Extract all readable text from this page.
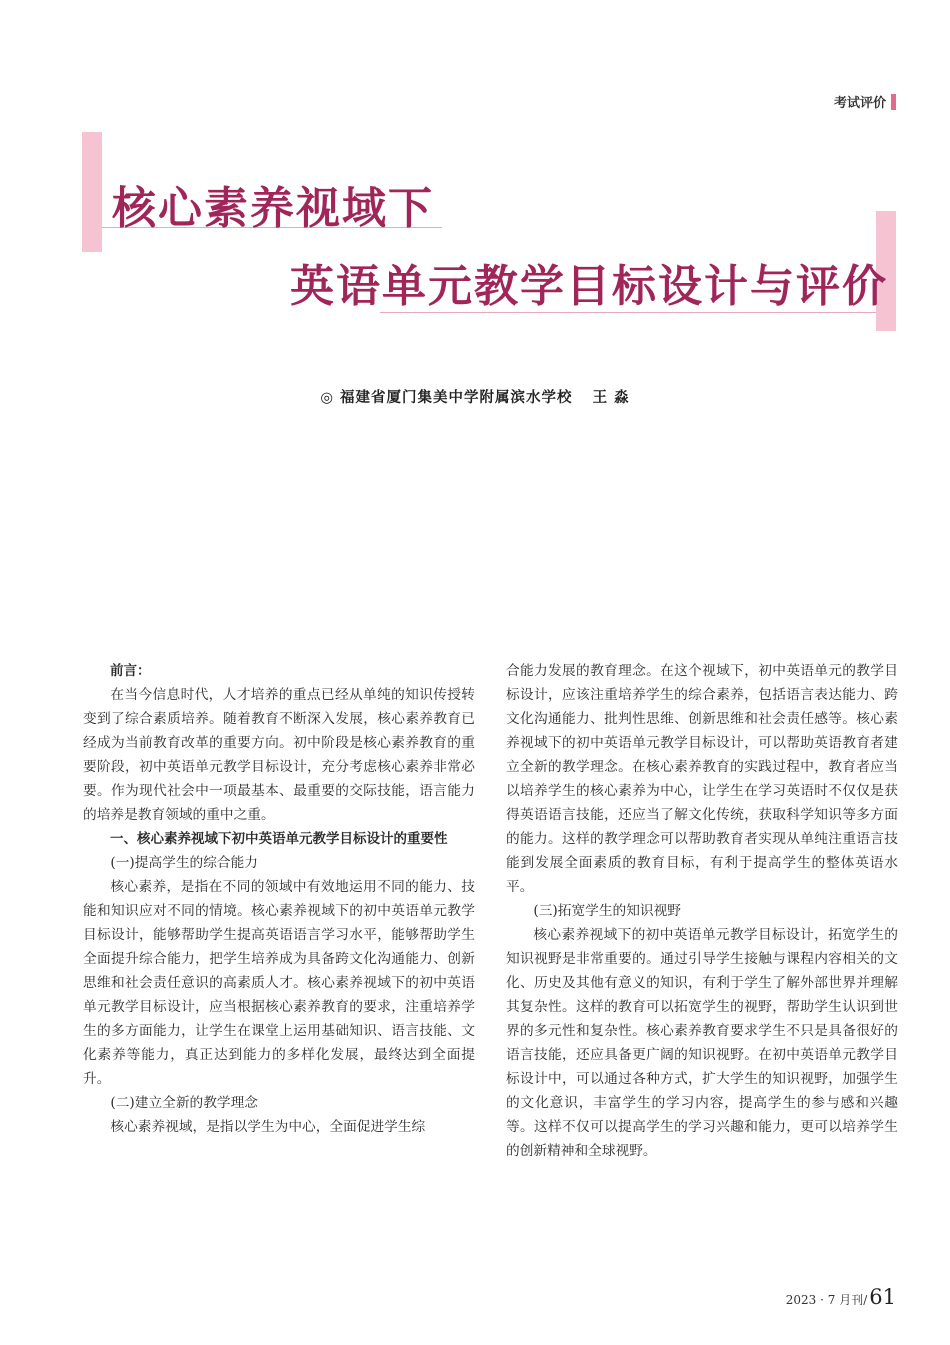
考试评价
核心素养视域下
英语单元教学目标设计与评价
◎ 福建省厦门集美中学附属滨水学校 王 淼

前言：

在当今信息时代，人才培养的重点已经从单纯的知识传授转变到了综合素质培养。随着教育不断深入发展，核心素养教育已经成为当前教育改革的重要方向。初中阶段是核心素养教育的重要阶段，初中英语单元教学目标设计，充分考虑核心素养非常必要。作为现代社会中一项最基本、最重要的交际技能，语言能力的培养是教育领域的重中之重。

一、核心素养视域下初中英语单元教学目标设计的重要性

(一)提高学生的综合能力

核心素养，是指在不同的领域中有效地运用不同的能力、技能和知识应对不同的情境。核心素养视域下的初中英语单元教学目标设计，能够帮助学生提高英语语言学习水平，能够帮助学生全面提升综合能力，把学生培养成为具备跨文化沟通能力、创新思维和社会责任意识的高素质人才。核心素养视域下的初中英语单元教学目标设计，应当根据核心素养教育的要求，注重培养学生的多方面能力，让学生在课堂上运用基础知识、语言技能、文化素养等能力，真正达到能力的多样化发展，最终达到全面提升。

(二)建立全新的教学理念

核心素养视域，是指以学生为中心，全面促进学生综

合能力发展的教育理念。在这个视域下，初中英语单元的教学目标设计，应该注重培养学生的综合素养，包括语言表达能力、跨文化沟通能力、批判性思维、创新思维和社会责任感等。核心素养视域下的初中英语单元教学目标设计，可以帮助英语教育者建立全新的教学理念。在核心素养教育的实践过程中，教育者应当以培养学生的核心素养为中心，让学生在学习英语时不仅仅是获得英语语言技能，还应当了解文化传统，获取科学知识等多方面的能力。这样的教学理念可以帮助教育者实现从单纯注重语言技能到发展全面素质的教育目标，有利于提高学生的整体英语水平。

(三)拓宽学生的知识视野

核心素养视域下的初中英语单元教学目标设计，拓宽学生的知识视野是非常重要的。通过引导学生接触与课程内容相关的文化、历史及其他有意义的知识，有利于学生了解外部世界并理解其复杂性。这样的教育可以拓宽学生的视野，帮助学生认识到世界的多元性和复杂性。核心素养教育要求学生不只是具备很好的语言技能，还应具备更广阔的知识视野。在初中英语单元教学目标设计中，可以通过各种方式，扩大学生的知识视野，加强学生的文化意识，丰富学生的学习内容，提高学生的参与感和兴趣等。这样不仅可以提高学生的学习兴趣和能力，更可以培养学生的创新精神和全球视野。

2023 · 7 月刊/ 61
